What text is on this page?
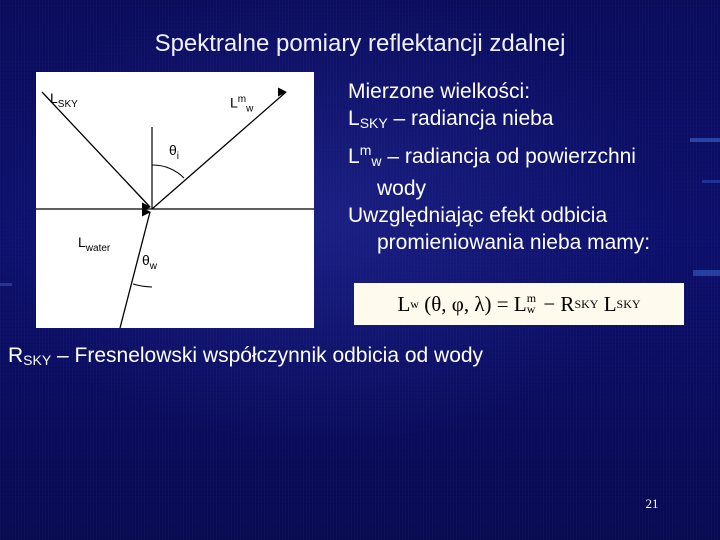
Spektralne pomiary reflektancji zdalnej
$L_{SKY}$	$L^m_w$
$\theta_i$
$L_{water}$
$\theta_w$
Mierzone wielkości:
$L_{SKY}$ – radiancja nieba
$L^m_w$ – radiancja od powierzchni
wody
Uwzględniając efekt odbicia
promieniowania nieba mamy:
L w (θ, φ, λ) = L m
w − R SKY L SKY
$R_{SKY}$ – Fresnelowski współczynnik odbicia od wody
21
